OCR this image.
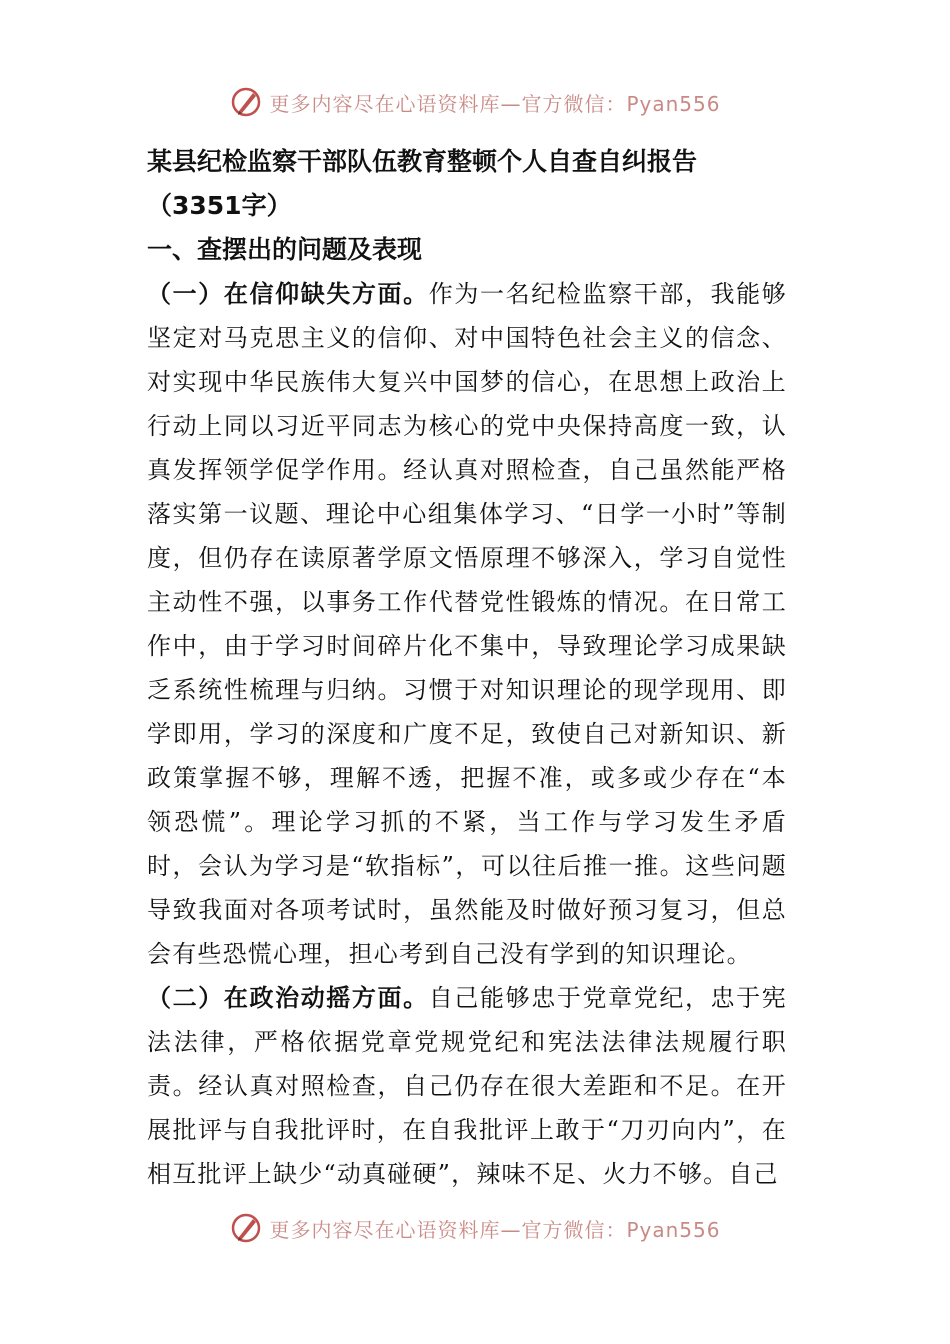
更多内容尽在心语资料库—官方微信：Pyan556

某县纪检监察干部队伍教育整顿个人自查自纠报告（3351字）

一、查摆出的问题及表现

（一）在信仰缺失方面。作为一名纪检监察干部，我能够坚定对马克思主义的信仰、对中国特色社会主义的信念、对实现中华民族伟大复兴中国梦的信心，在思想上政治上行动上同以习近平同志为核心的党中央保持高度一致，认真发挥领学促学作用。经认真对照检查，自己虽然能严格落实第一议题、理论中心组集体学习、“日学一小时”等制度，但仍存在读原著学原文悟原理不够深入，学习自觉性主动性不强，以事务工作代替党性锻炼的情况。在日常工作中，由于学习时间碎片化不集中，导致理论学习成果缺乏系统性梳理与归纳。习惯于对知识理论的现学现用、即学即用，学习的深度和广度不足，致使自己对新知识、新政策掌握不够，理解不透，把握不准，或多或少存在“本领恐慌”。理论学习抓的不紧，当工作与学习发生矛盾时，会认为学习是“软指标”，可以往后推一推。这些问题导致我面对各项考试时，虽然能及时做好预习复习，但总会有些恐慌心理，担心考到自己没有学到的知识理论。

（二）在政治动摇方面。自己能够忠于党章党纪，忠于宪法法律，严格依据党章党规党纪和宪法法律法规履行职责。经认真对照检查，自己仍存在很大差距和不足。在开展批评与自我批评时，在自我批评上敢于“刀刃向内”，在相互批评上缺少“动真碰硬”，辣味不足、火力不够。自己

更多内容尽在心语资料库—官方微信：Pyan556
